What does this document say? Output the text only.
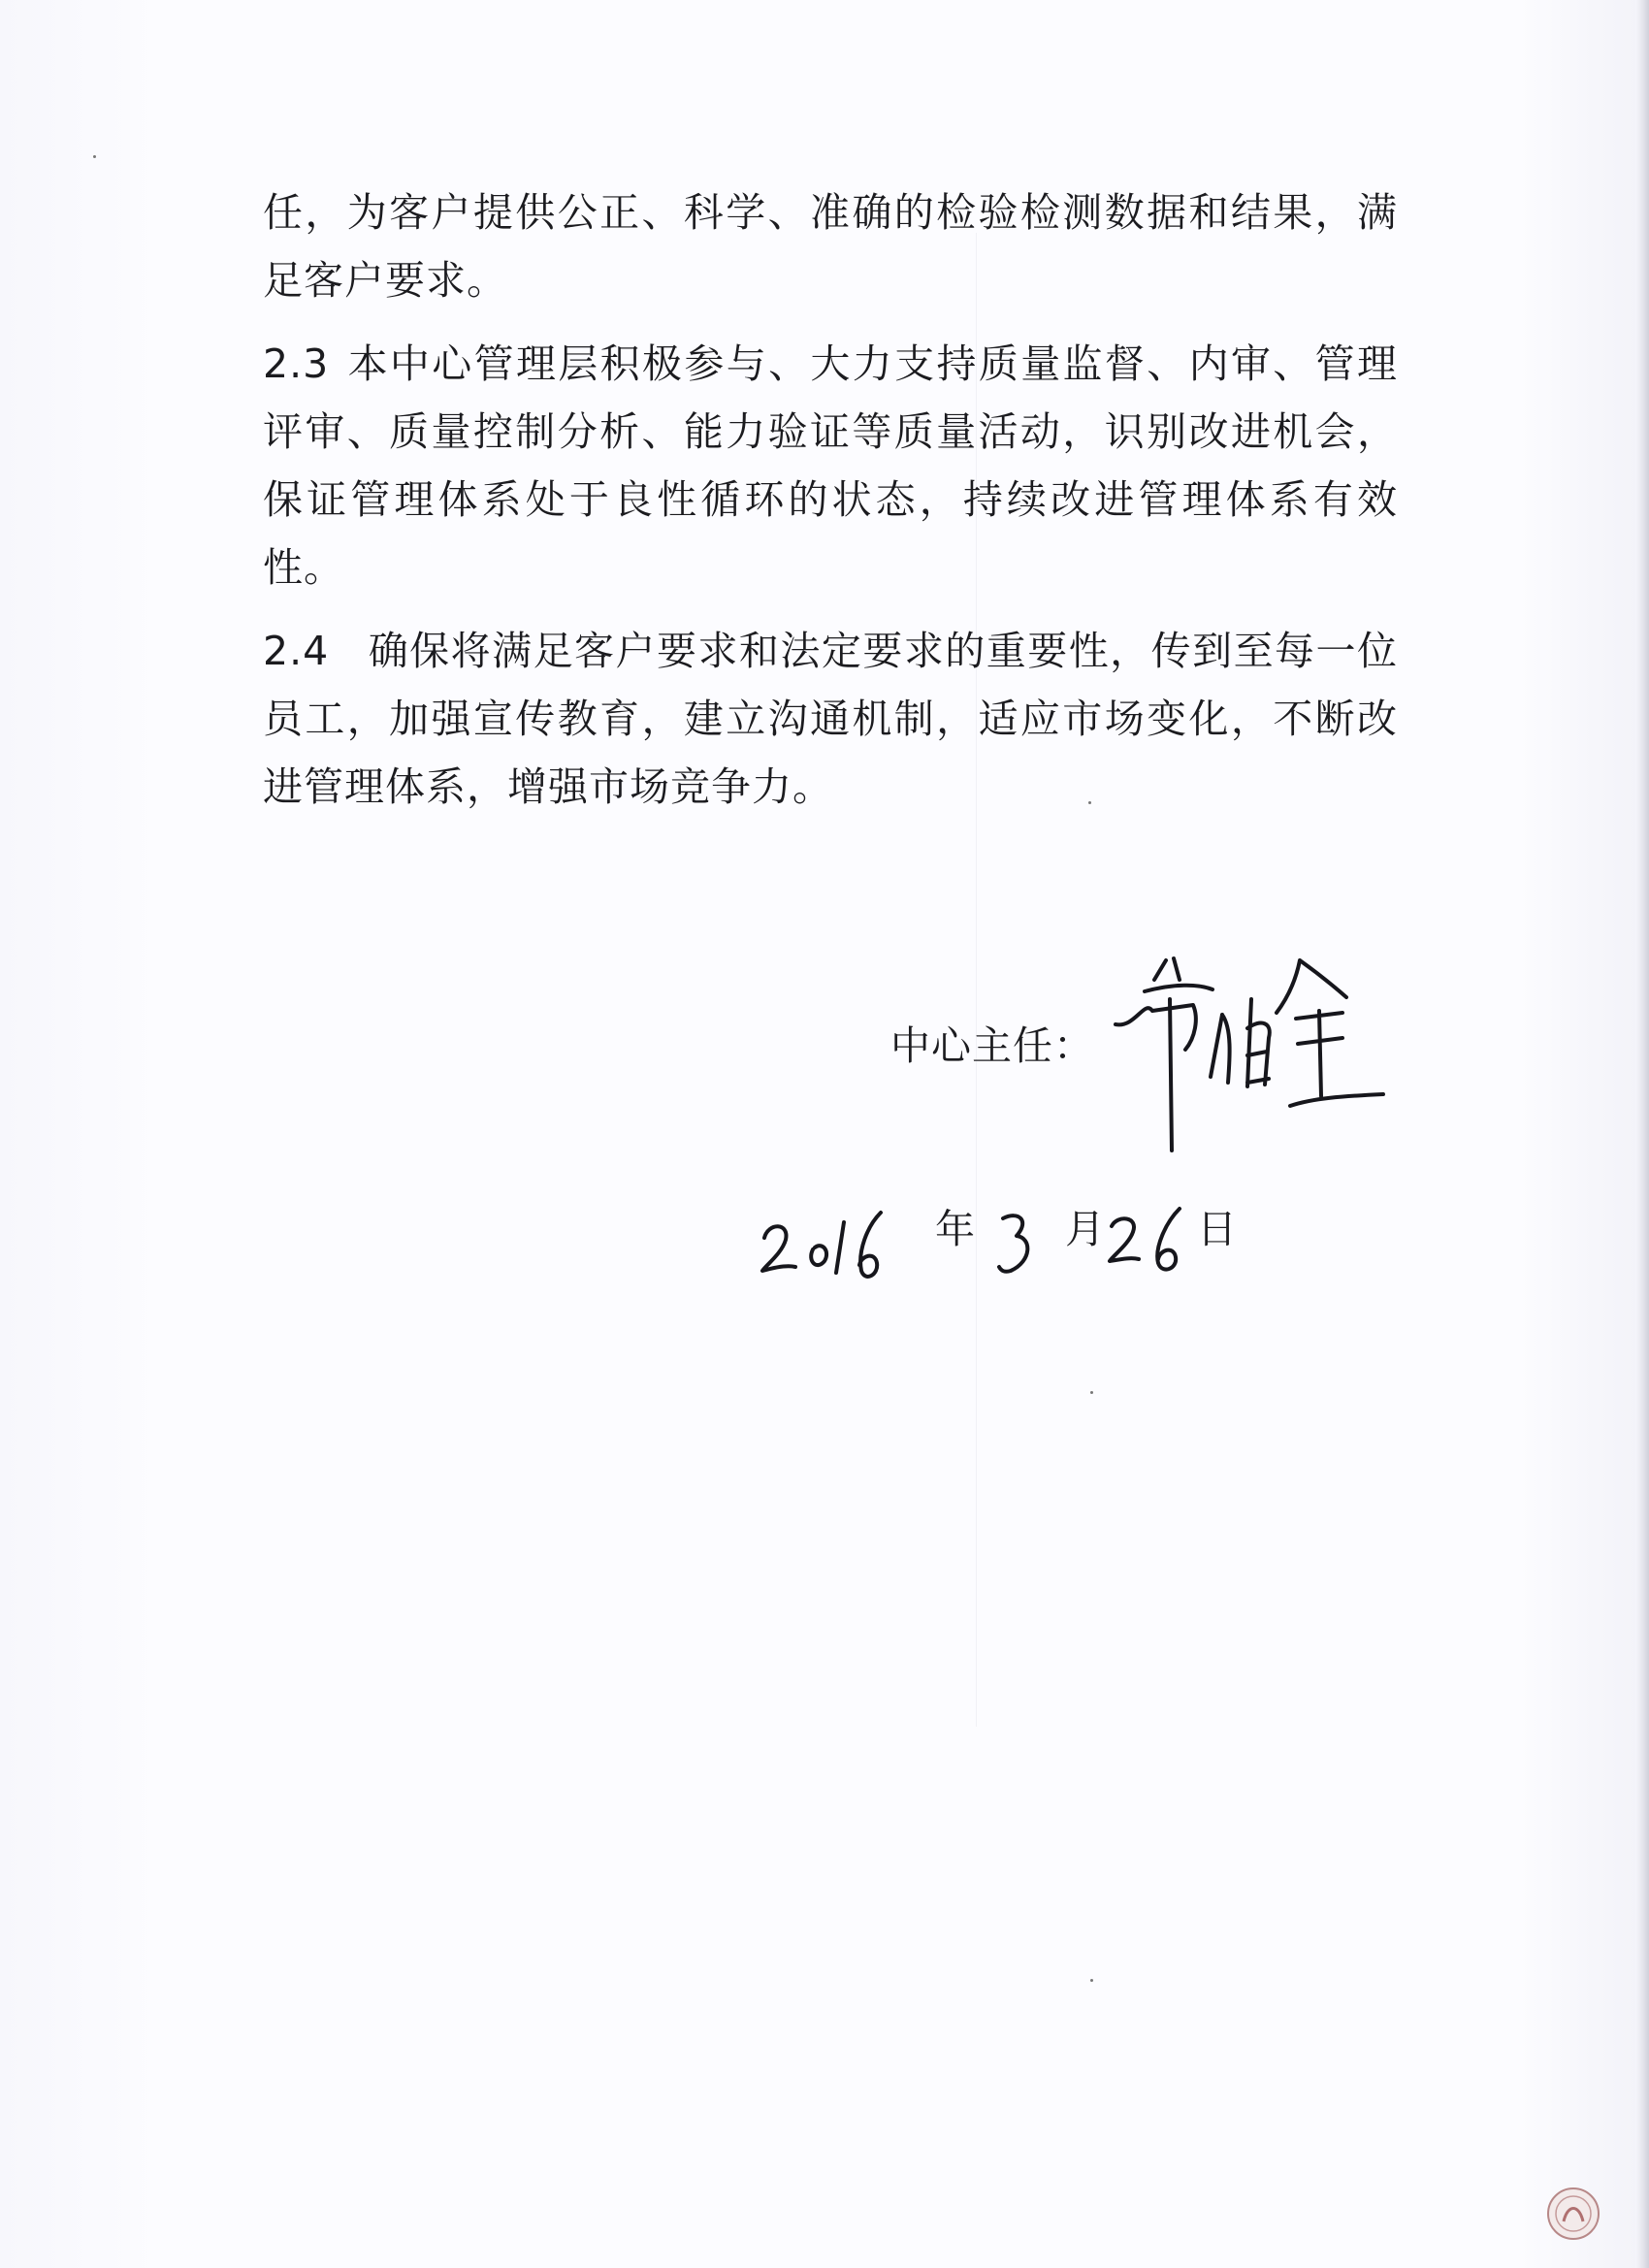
任，为客户提供公正、科学、准确的检验检测数据和结果，满足客户要求。

2.3 本中心管理层积极参与、大力支持质量监督、内审、管理评审、质量控制分析、能力验证等质量活动，识别改进机会，保证管理体系处于良性循环的状态，持续改进管理体系有效性。

2.4 确保将满足客户要求和法定要求的重要性，传到至每一位员工，加强宣传教育，建立沟通机制，适应市场变化，不断改进管理体系，增强市场竞争力。

中心主任：
年 月 日
